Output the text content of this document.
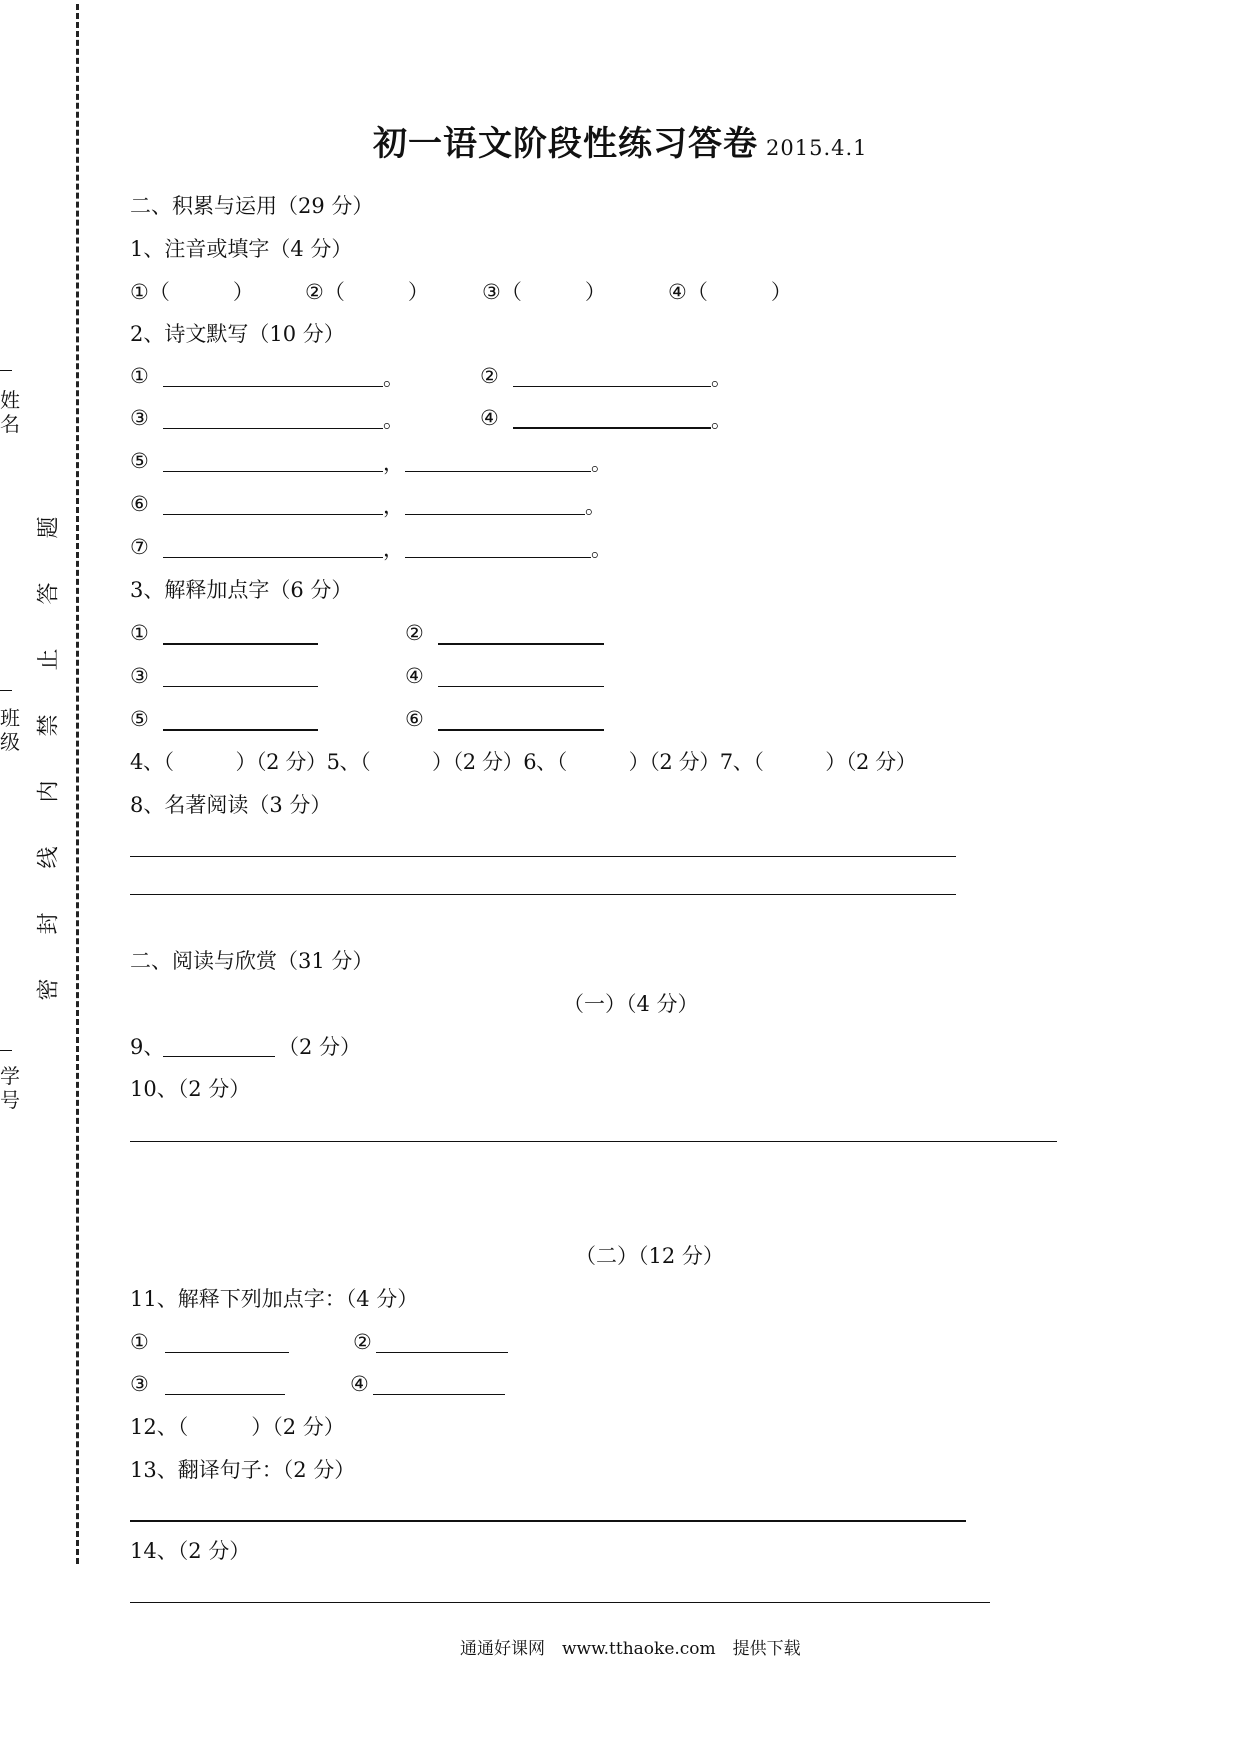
姓名
班级
学号
题
答
止
禁
内
线
封
密
初一语文阶段性练习答卷 2015.4.1
二、积累与运用（29 分）
1、注音或填字（4 分）
①（　　　） ②（　　　）	③（　　　）	④（　　　）
2、诗文默写（10 分）
①	。	②	。
③	。	④	。
⑤	，	。
⑥	，	。
⑦	，	。
3、解释加点字（6 分）
①	②
③	④
⑤	⑥
4、（　　　）（2 分）5、（　　　）（2 分）6、（　　　）（2 分）7、（　　　）（2 分）
8、名著阅读（3 分）
二、阅读与欣赏（31 分）
（一）（4 分）
9、	（2 分）
10、（2 分）
（二）（12 分）
11、解释下列加点字：（4 分）
①	②
③	④
12、（　　　）（2 分）
13、翻译句子：（2 分）
14、（2 分）
通通好课网　www.tthaoke.com　提供下载
